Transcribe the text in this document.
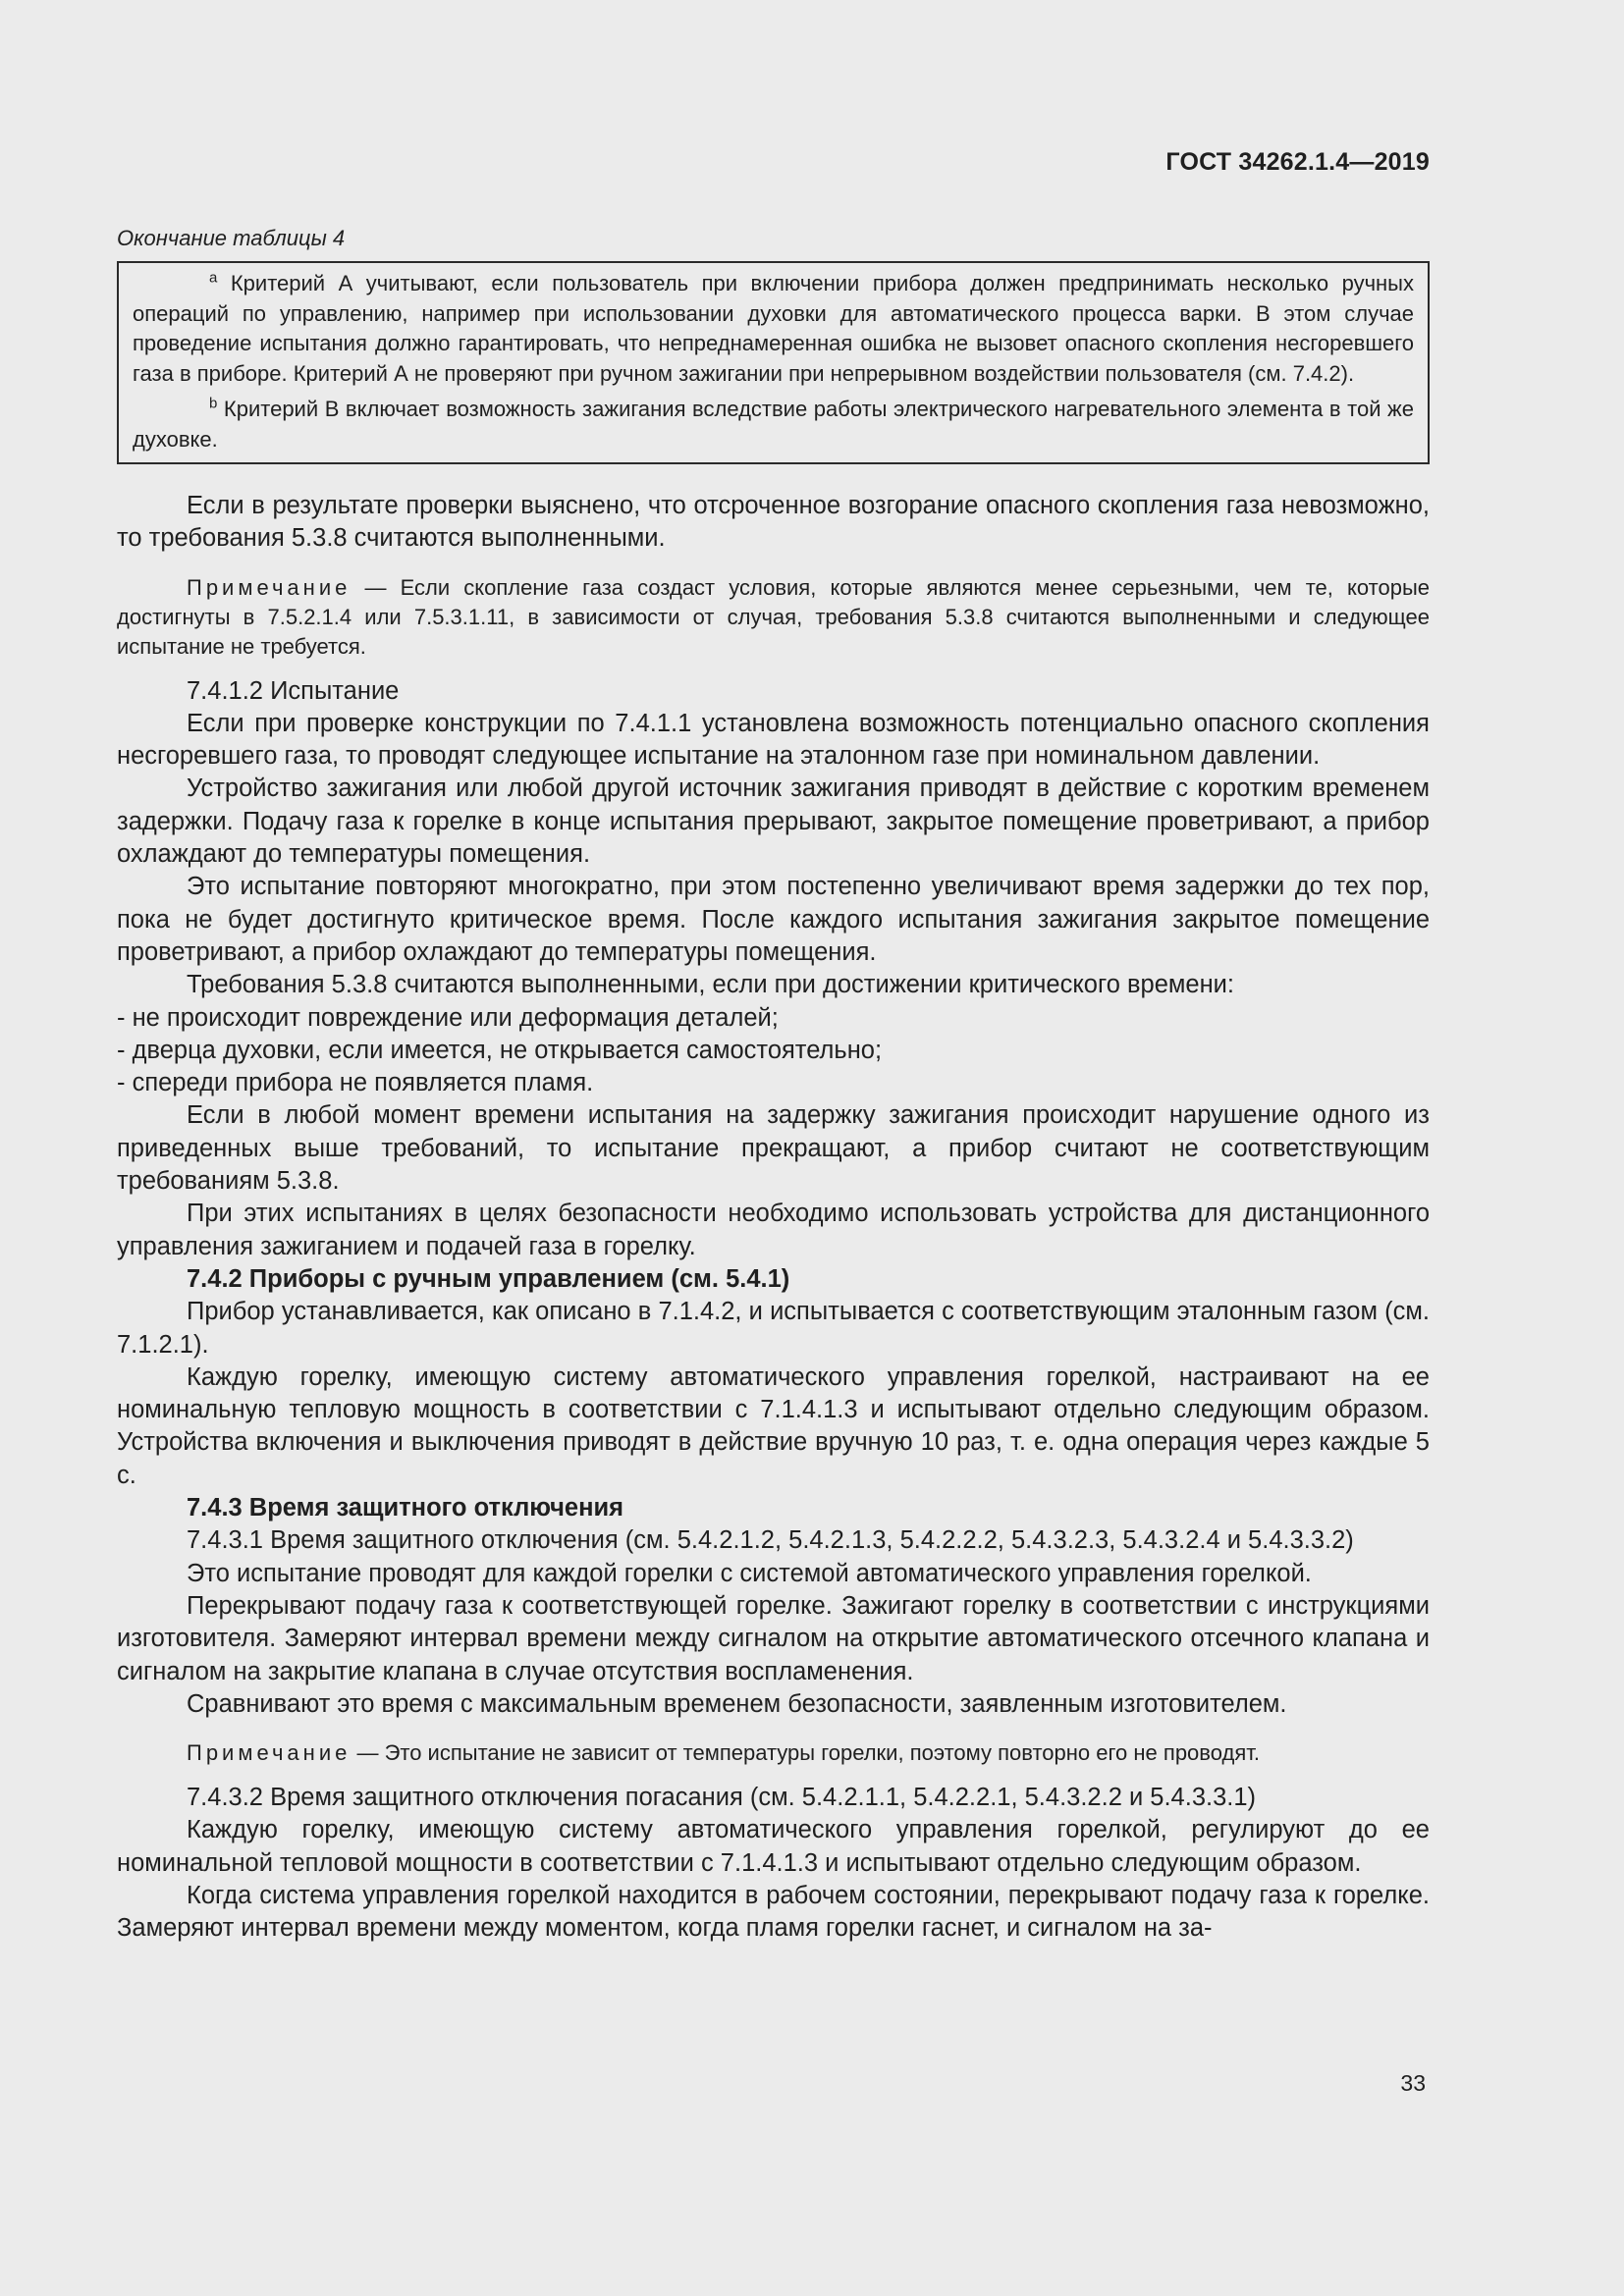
ГОСТ 34262.1.4—2019

Окончание таблицы 4

$^a$ Критерий А учитывают, если пользователь при включении прибора должен предпринимать несколько ручных операций по управлению, например при использовании духовки для автоматического процесса варки. В этом случае проведение испытания должно гарантировать, что непреднамеренная ошибка не вызовет опасного скопления несгоревшего газа в приборе. Критерий А не проверяют при ручном зажигании при непрерывном воздействии пользователя (см. 7.4.2).

$^b$ Критерий В включает возможность зажигания вследствие работы электрического нагревательного элемента в той же духовке.

Если в результате проверки выяснено, что отсроченное возгорание опасного скопления газа невозможно, то требования 5.3.8 считаются выполненными.

Примечание — Если скопление газа создаст условия, которые являются менее серьезными, чем те, которые достигнуты в 7.5.2.1.4 или 7.5.3.1.11, в зависимости от случая, требования 5.3.8 считаются выполненными и следующее испытание не требуется.

7.4.1.2 Испытание

Если при проверке конструкции по 7.4.1.1 установлена возможность потенциально опасного скопления несгоревшего газа, то проводят следующее испытание на эталонном газе при номинальном давлении.

Устройство зажигания или любой другой источник зажигания приводят в действие с коротким временем задержки. Подачу газа к горелке в конце испытания прерывают, закрытое помещение проветривают, а прибор охлаждают до температуры помещения.

Это испытание повторяют многократно, при этом постепенно увеличивают время задержки до тех пор, пока не будет достигнуто критическое время. После каждого испытания зажигания закрытое помещение проветривают, а прибор охлаждают до температуры помещения.

Требования 5.3.8 считаются выполненными, если при достижении критического времени:

- не происходит повреждение или деформация деталей;

- дверца духовки, если имеется, не открывается самостоятельно;

- спереди прибора не появляется пламя.

Если в любой момент времени испытания на задержку зажигания происходит нарушение одного из приведенных выше требований, то испытание прекращают, а прибор считают не соответствующим требованиям 5.3.8.

При этих испытаниях в целях безопасности необходимо использовать устройства для дистанционного управления зажиганием и подачей газа в горелку.

7.4.2 Приборы с ручным управлением (см. 5.4.1)

Прибор устанавливается, как описано в 7.1.4.2, и испытывается с соответствующим эталонным газом (см. 7.1.2.1).

Каждую горелку, имеющую систему автоматического управления горелкой, настраивают на ее номинальную тепловую мощность в соответствии с 7.1.4.1.3 и испытывают отдельно следующим образом. Устройства включения и выключения приводят в действие вручную 10 раз, т. е. одна операция через каждые 5 с.

7.4.3 Время защитного отключения

7.4.3.1 Время защитного отключения (см. 5.4.2.1.2, 5.4.2.1.3, 5.4.2.2.2, 5.4.3.2.3, 5.4.3.2.4 и 5.4.3.3.2)

Это испытание проводят для каждой горелки с системой автоматического управления горелкой.

Перекрывают подачу газа к соответствующей горелке. Зажигают горелку в соответствии с инструкциями изготовителя. Замеряют интервал времени между сигналом на открытие автоматического отсечного клапана и сигналом на закрытие клапана в случае отсутствия воспламенения.

Сравнивают это время с максимальным временем безопасности, заявленным изготовителем.

Примечание — Это испытание не зависит от температуры горелки, поэтому повторно его не проводят.

7.4.3.2 Время защитного отключения погасания (см. 5.4.2.1.1, 5.4.2.2.1, 5.4.3.2.2 и 5.4.3.3.1)

Каждую горелку, имеющую систему автоматического управления горелкой, регулируют до ее номинальной тепловой мощности в соответствии с 7.1.4.1.3 и испытывают отдельно следующим образом.

Когда система управления горелкой находится в рабочем состоянии, перекрывают подачу газа к горелке. Замеряют интервал времени между моментом, когда пламя горелки гаснет, и сигналом на за-

33
